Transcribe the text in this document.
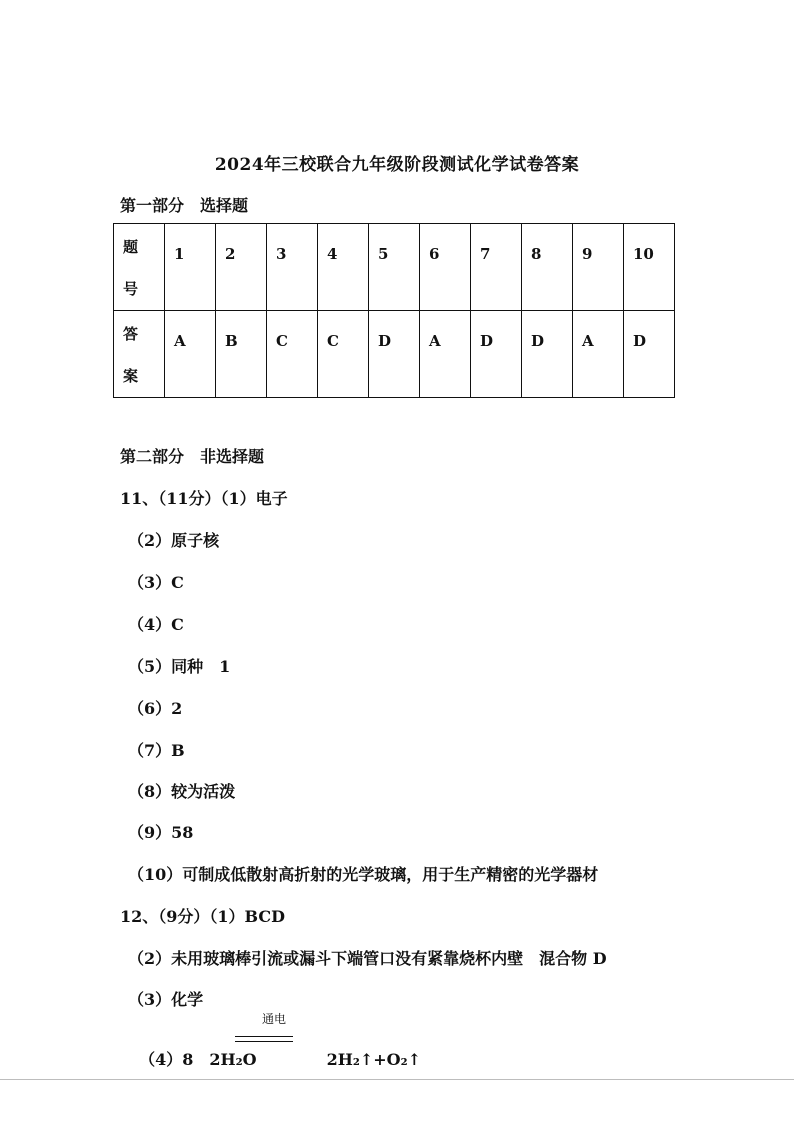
2024年三校联合九年级阶段测试化学试卷答案
第一部分　选择题
题
号	1	2	3	4	5	6	7	8	9	10

答
案	A	B	C	C	D	A	D	D	A	D
第二部分　非选择题
11、（11分）（1）电子
（2）原子核
（3）C
（4）C
（5）同种　1
（6）2
（7）B
（8）较为活泼
（9）58
（10）可制成低散射高折射的光学玻璃，用于生产精密的光学器材
12、（9分）（1）BCD
（2）未用玻璃棒引流或漏斗下端管口没有紧靠烧杯内壁　混合物 D
（3）化学

（4）8　2H₂O	2H₂↑+O₂↑

通电
